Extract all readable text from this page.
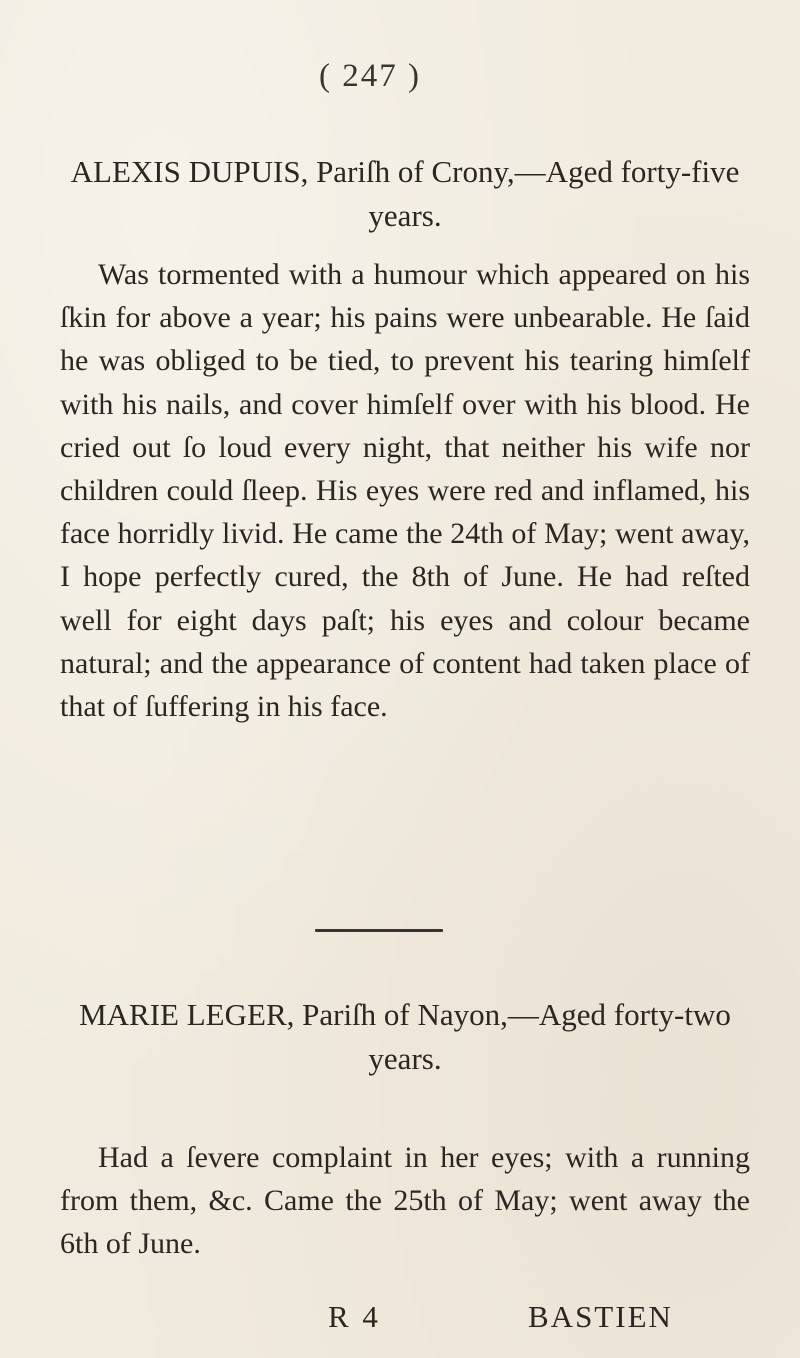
( 247 )
ALEXIS DUPUIS, Pariſh of Crony,—Aged forty-five years.

Was tormented with a humour which appeared on his ſkin for above a year; his pains were unbearable. He ſaid he was obliged to be tied, to prevent his tearing himſelf with his nails, and cover himſelf over with his blood. He cried out ſo loud every night, that neither his wife nor children could ſleep. His eyes were red and inflamed, his face horridly livid. He came the 24th of May; went away, I hope perfectly cured, the 8th of June. He had reſted well for eight days paſt; his eyes and colour became natural; and the appearance of content had taken place of that of ſuffering in his face.

MARIE LEGER, Pariſh of Nayon,—Aged forty-two years.

Had a ſevere complaint in her eyes; with a running from them, &c. Came the 25th of May; went away the 6th of June.

R 4	BASTIEN
